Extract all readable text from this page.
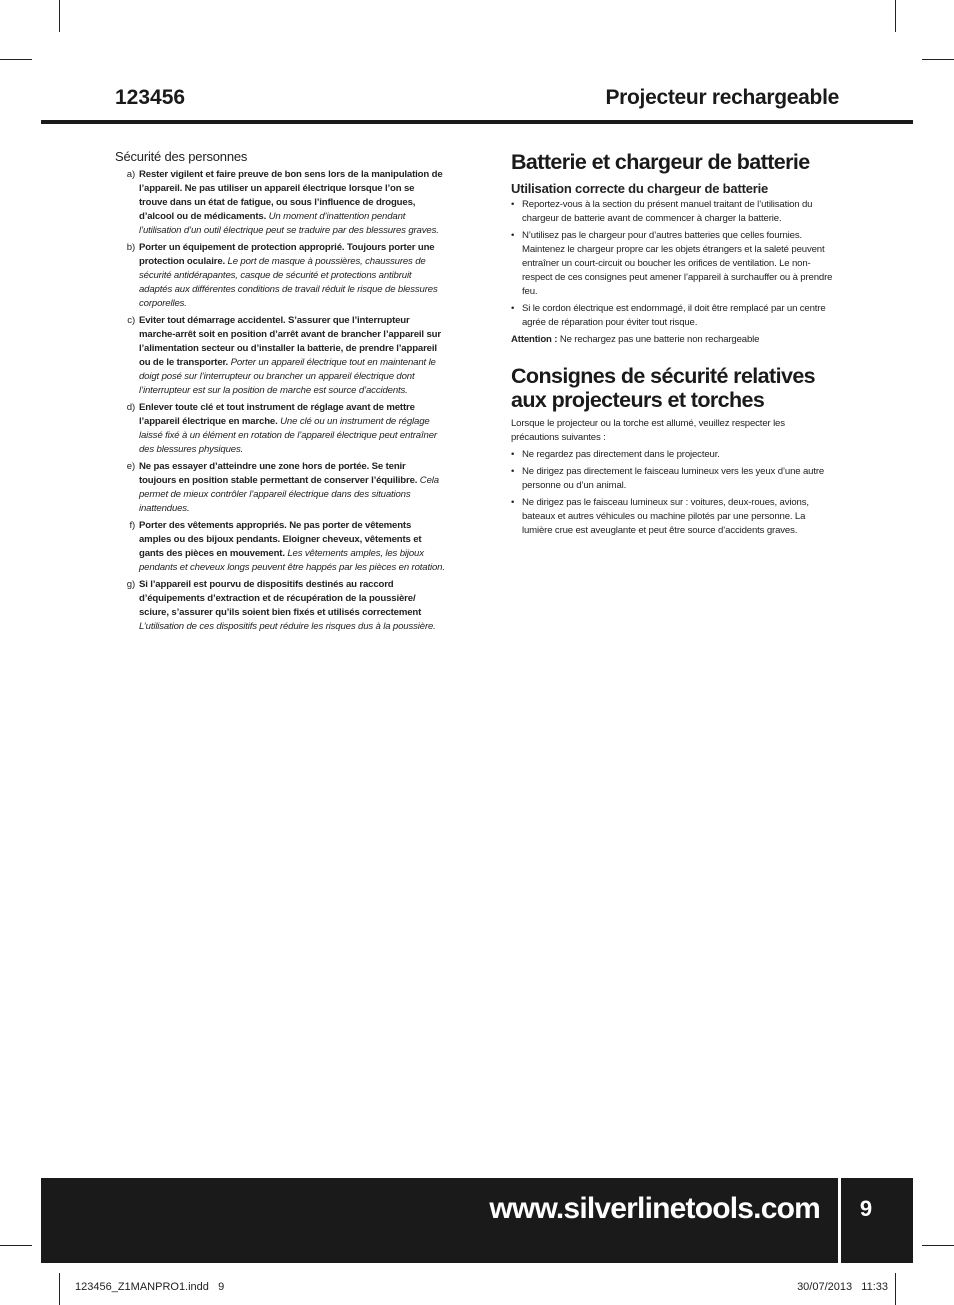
123456	Projecteur rechargeable
Sécurité des personnes
a) Rester vigilent et faire preuve de bon sens lors de la manipulation de l’appareil. Ne pas utiliser un appareil électrique lorsque l’on se trouve dans un état de fatigue, ou sous l’influence de drogues, d’alcool ou de médicaments. Un moment d’inattention pendant l’utilisation d’un outil électrique peut se traduire par des blessures graves.
b) Porter un équipement de protection approprié. Toujours porter une protection oculaire. Le port de masque à poussières, chaussures de sécurité antidérapantes, casque de sécurité et protections antibruit adaptés aux différentes conditions de travail réduit le risque de blessures corporelles.
c) Eviter tout démarrage accidentel. S’assurer que l’interrupteur marche-arrêt soit en position d’arrêt avant de brancher l’appareil sur l’alimentation secteur ou d’installer la batterie, de prendre l’appareil ou de le transporter. Porter un appareil électrique tout en maintenant le doigt posé sur l’interrupteur ou brancher un appareil électrique dont l’interrupteur est sur la position de marche est source d’accidents.
d) Enlever toute clé et tout instrument de réglage avant de mettre l’appareil électrique en marche. Une clé ou un instrument de réglage laissé fixé à un élément en rotation de l’appareil électrique peut entraîner des blessures physiques.
e) Ne pas essayer d’atteindre une zone hors de portée. Se tenir toujours en position stable permettant de conserver l’équilibre. Cela permet de mieux contrôler l’appareil électrique dans des situations inattendues.
f) Porter des vêtements appropriés. Ne pas porter de vêtements amples ou des bijoux pendants. Eloigner cheveux, vêtements et gants des pièces en mouvement. Les vêtements amples, les bijoux pendants et cheveux longs peuvent être happés par les pièces en rotation.
g) Si l’appareil est pourvu de dispositifs destinés au raccord d’équipements d’extraction et de récupération de la poussière/ sciure, s’assurer qu’ils soient bien fixés et utilisés correctement L’utilisation de ces dispositifs peut réduire les risques dus à la poussière.
Batterie et chargeur de batterie
Utilisation correcte du chargeur de batterie
• Reportez-vous à la section du présent manuel traitant de l’utilisation du chargeur de batterie avant de commencer à charger la batterie.
• N’utilisez pas le chargeur pour d’autres batteries que celles fournies. Maintenez le chargeur propre car les objets étrangers et la saleté peuvent entraîner un court-circuit ou boucher les orifices de ventilation. Le non-respect de ces consignes peut amener l’appareil à surchauffer ou à prendre feu.
• Si le cordon électrique est endommagé, il doit être remplacé par un centre agrée de réparation pour éviter tout risque.

Attention : Ne rechargez pas une batterie non rechargeable

Consignes de sécurité relatives
aux projecteurs et torches

Lorsque le projecteur ou la torche est allumé, veuillez respecter les précautions suivantes :

• Ne regardez pas directement dans le projecteur.
• Ne dirigez pas directement le faisceau lumineux vers les yeux d’une autre personne ou d’un animal.
• Ne dirigez pas le faisceau lumineux sur : voitures, deux-roues, avions, bateaux et autres véhicules ou machine pilotés par une personne. La lumière crue est aveuglante et peut être source d’accidents graves.
www.silverlinetools.com	9
123456_Z1MANPRO1.indd   9	30/07/2013   11:33
